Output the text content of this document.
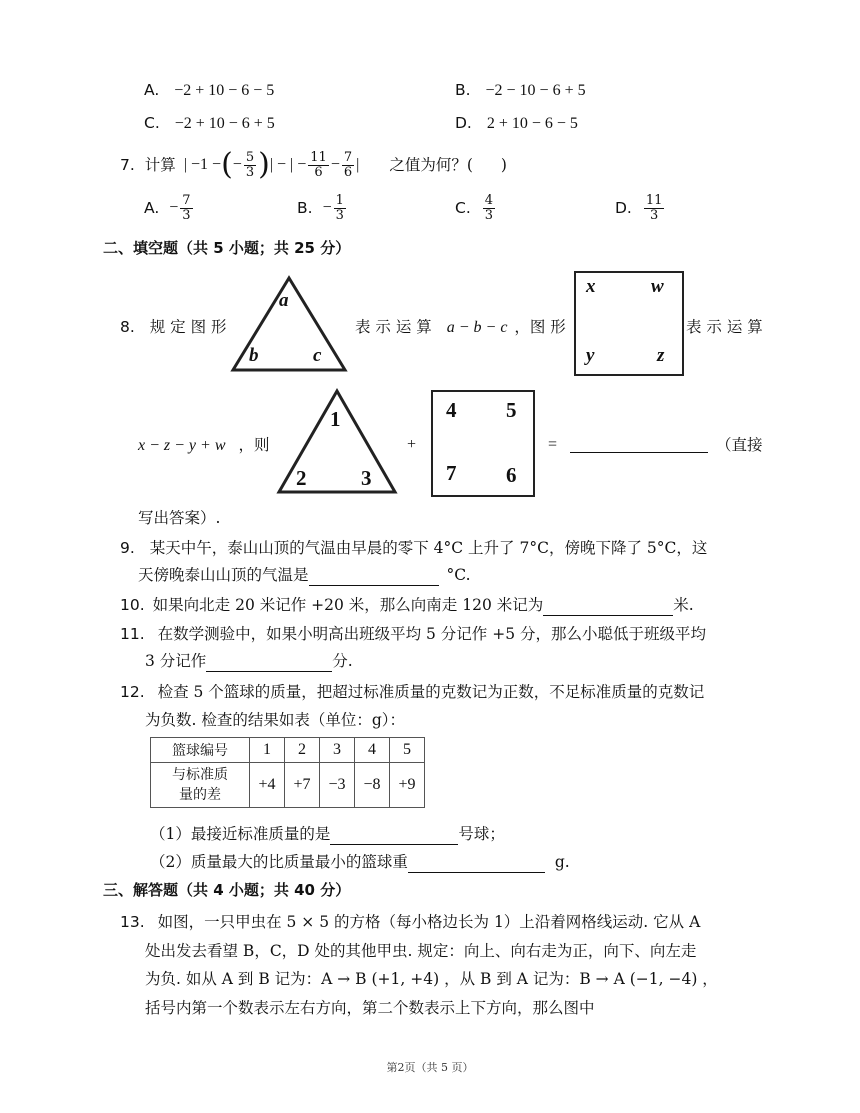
A. −2 + 10 − 6 − 5	B. −2 − 10 − 6 + 5
C. −2 + 10 − 6 + 5	D. 2 + 10 − 6 − 5
7. 计算 | −1 − ( − $\frac{5}{3}$ ) | − | − $\frac{11}{6} - \frac{7}{6}$ | 之值为何？( )
A. − $\frac{7}{3}$	B. − $\frac{1}{3}$	C. $\frac{4}{3}$	D. $\frac{11}{3}$
二、填空题（共 5 小题；共 25 分）
8. 规 定 图 形
a
b	c
表 示 运 算 a − b − c ，图 形
x	w
y	z
表 示 运 算
x − z − y + w ，则
1
2	3
+
4 5
7 6
=	（直接
写出答案）.
9. 某天中午，泰山山顶的气温由早晨的零下 4°C 上升了 7°C，傍晚下降了 5°C，这
天傍晚泰山山顶的气温是	°C.
10. 如果向北走 20 米记作 +20 米，那么向南走 120 米记为	米.
11. 在数学测验中，如果小明高出班级平均 5 分记作 +5 分，那么小聪低于班级平均
3 分记作	分.
12. 检查 5 个篮球的质量，把超过标准质量的克数记为正数，不足标准质量的克数记
为负数. 检查的结果如表（单位：g）：
篮球编号	1	2	3	4	5
与标准质
量的差	+4	+7	−3	−8	+9
（1）最接近标准质量的是	号球；
（2）质量最大的比质量最小的篮球重	g.
三、解答题（共 4 小题；共 40 分）
13. 如图，一只甲虫在 5 × 5 的方格（每小格边长为 1）上沿着网格线运动. 它从 A
处出发去看望 B，C，D 处的其他甲虫. 规定：向上、向右走为正，向下、向左走
为负. 如从 A 到 B 记为：A → B (+1, +4) ，从 B 到 A 记为：B → A (−1, −4) ，
括号内第一个数表示左右方向，第二个数表示上下方向，那么图中
第2页（共 5 页）
